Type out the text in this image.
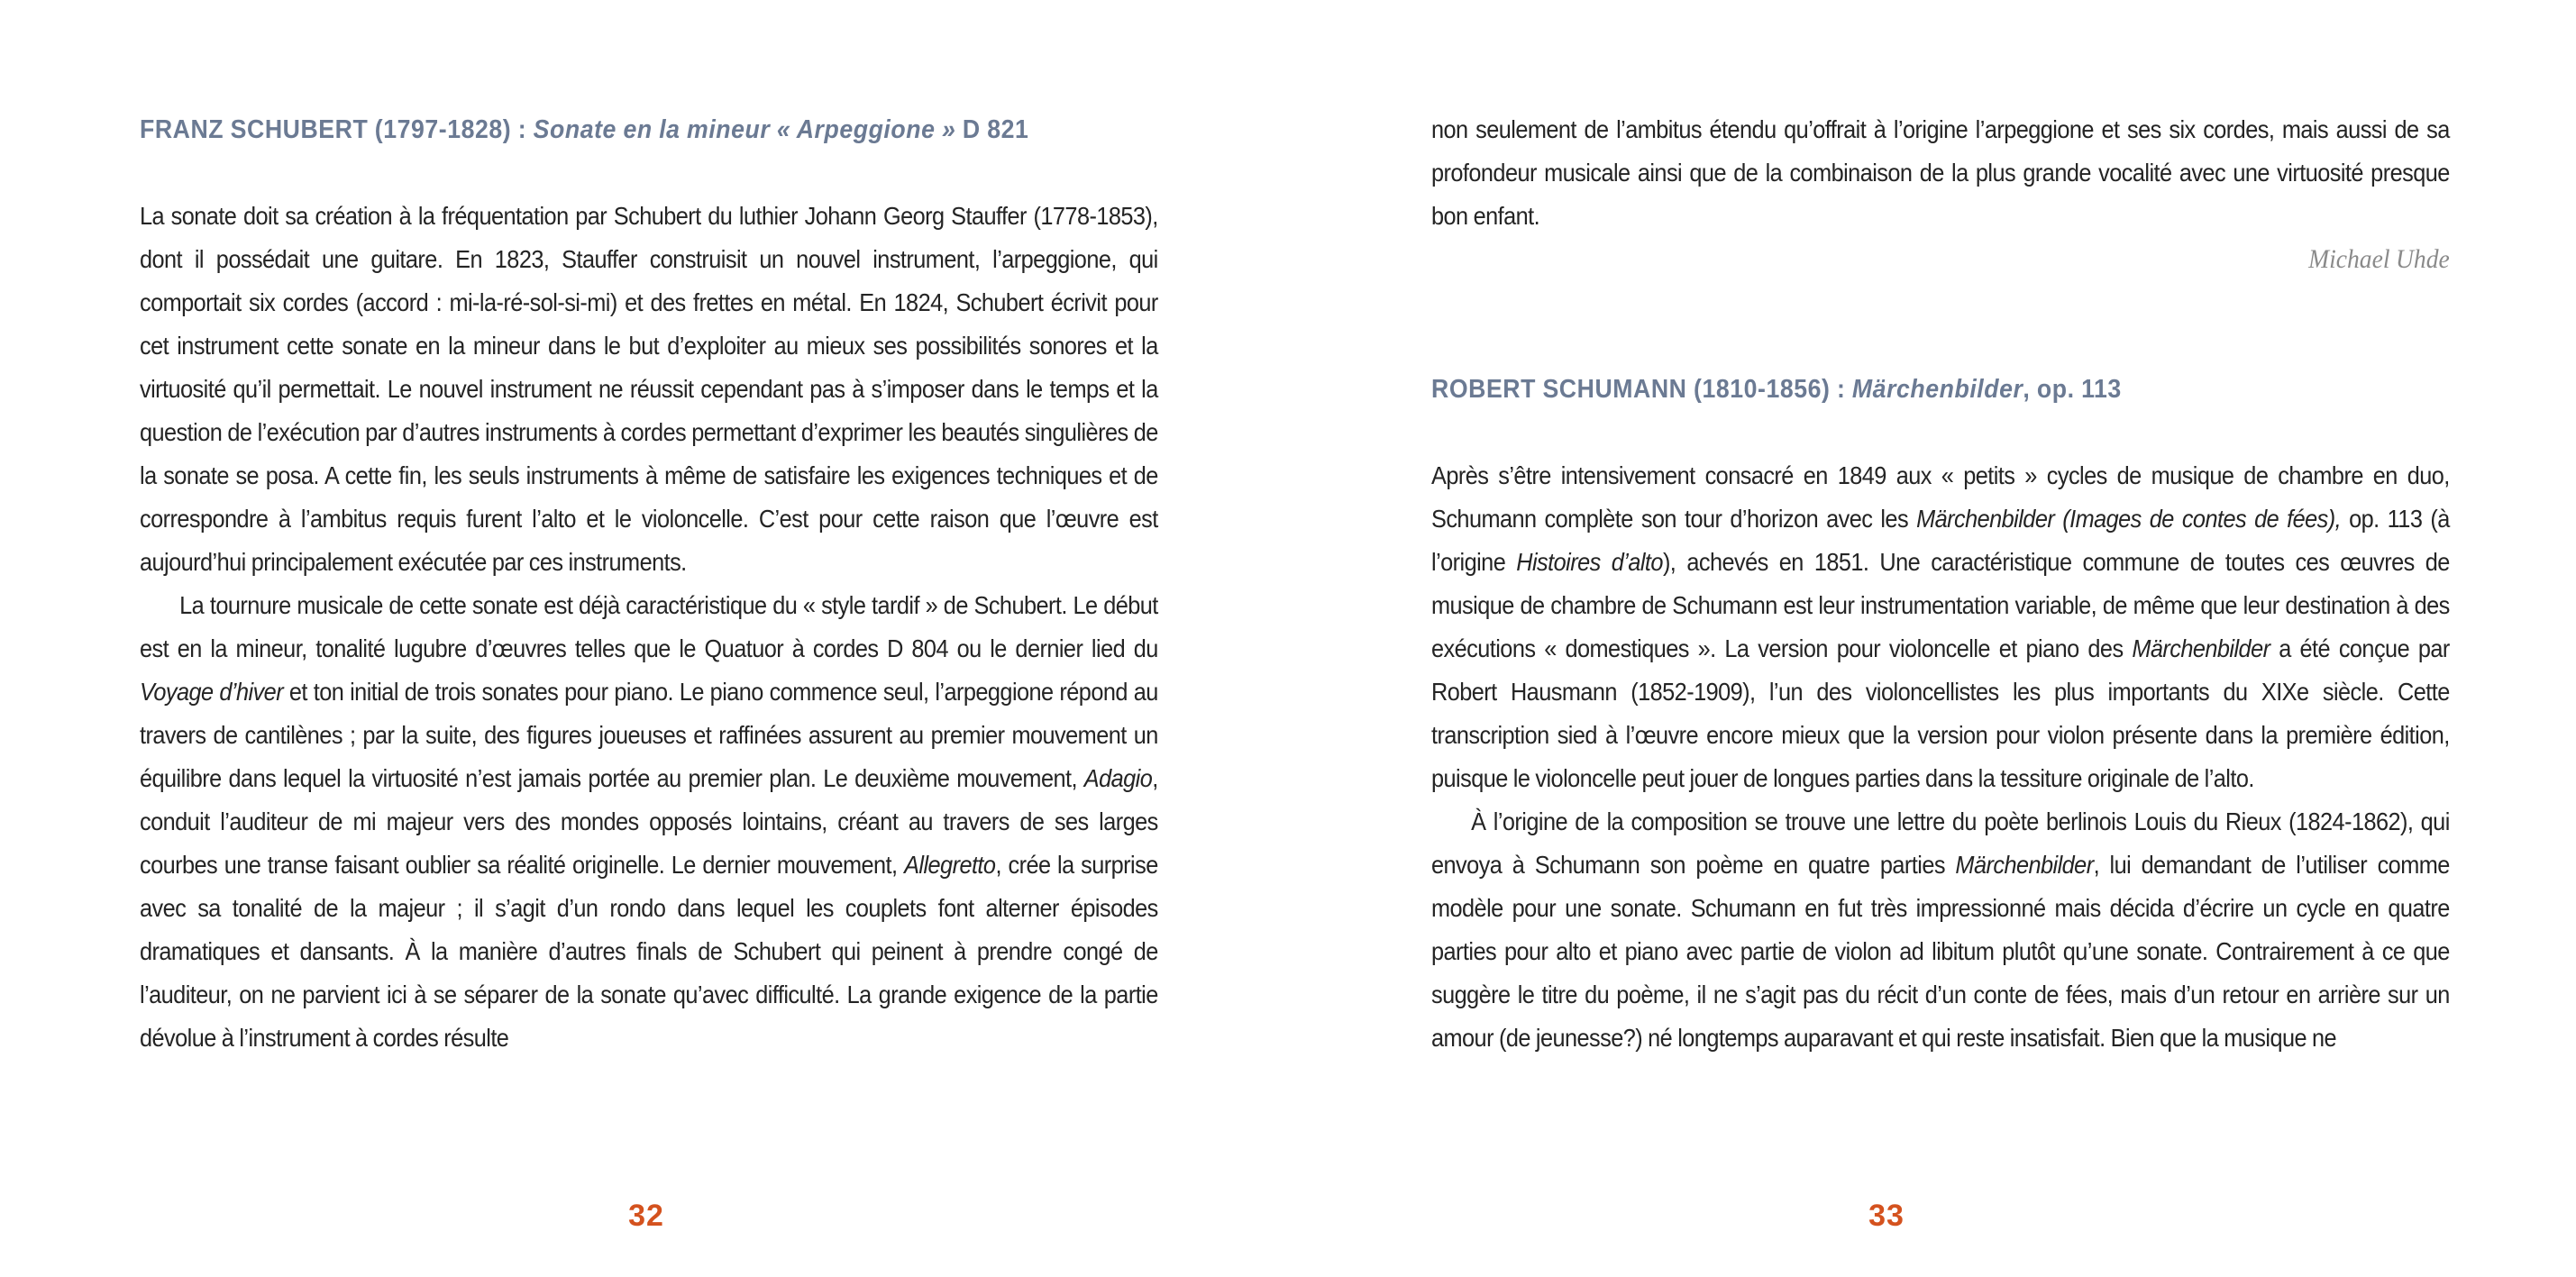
FRANZ SCHUBERT (1797-1828) : Sonate en la mineur « Arpeggione » D 821

La sonate doit sa création à la fréquentation par Schubert du luthier Johann Georg Stauffer (1778-1853), dont il possédait une guitare. En 1823, Stauffer construisit un nouvel instrument, l’arpeggione, qui comportait six cordes (accord : mi-la-ré-sol-si-mi) et des frettes en métal. En 1824, Schubert écrivit pour cet instrument cette sonate en la mineur dans le but d’exploiter au mieux ses possibilités sonores et la virtuosité qu’il permettait. Le nouvel instrument ne réussit cependant pas à s’imposer dans le temps et la question de l’exécution par d’autres instruments à cordes permettant d’exprimer les beautés singulières de la sonate se posa. A cette fin, les seuls instruments à même de satisfaire les exigences techniques et de correspondre à l’ambitus requis furent l’alto et le violoncelle. C’est pour cette raison que l’œuvre est aujourd’hui principalement exécutée par ces instruments.

La tournure musicale de cette sonate est déjà caractéristique du « style tardif » de Schubert. Le début est en la mineur, tonalité lugubre d’œuvres telles que le Quatuor à cordes D 804 ou le dernier lied du Voyage d’hiver et ton initial de trois sonates pour piano. Le piano commence seul, l’arpeggione répond au travers de cantilènes ; par la suite, des figures joueuses et raffinées assurent au premier mouvement un équilibre dans lequel la virtuosité n’est jamais portée au premier plan. Le deuxième mouvement, Adagio, conduit l’auditeur de mi majeur vers des mondes opposés lointains, créant au travers de ses larges courbes une transe faisant oublier sa réalité originelle. Le dernier mouvement, Allegretto, crée la surprise avec sa tonalité de la majeur ; il s’agit d’un rondo dans lequel les couplets font alterner épisodes dramatiques et dansants. À la manière d’autres finals de Schubert qui peinent à prendre congé de l’auditeur, on ne parvient ici à se séparer de la sonate qu’avec difficulté. La grande exigence de la partie dévolue à l’instrument à cordes résulte

32

non seulement de l’ambitus étendu qu’offrait à l’origine l’arpeggione et ses six cordes, mais aussi de sa profondeur musicale ainsi que de la combinaison de la plus grande vocalité avec une virtuosité presque bon enfant.

Michael Uhde
ROBERT SCHUMANN (1810-1856) : Märchenbilder, op. 113

Après s’être intensivement consacré en 1849 aux « petits » cycles de musique de chambre en duo, Schumann complète son tour d’horizon avec les Märchenbilder (Images de contes de fées), op. 113 (à l’origine Histoires d’alto), achevés en 1851. Une caractéristique commune de toutes ces œuvres de musique de chambre de Schumann est leur instrumentation variable, de même que leur destination à des exécutions « domestiques ». La version pour violoncelle et piano des Märchenbilder a été conçue par Robert Hausmann (1852-1909), l’un des violoncellistes les plus importants du XIXe siècle. Cette transcription sied à l’œuvre encore mieux que la version pour violon présente dans la première édition, puisque le violoncelle peut jouer de longues parties dans la tessiture originale de l’alto.

À l’origine de la composition se trouve une lettre du poète berlinois Louis du Rieux (1824-1862), qui envoya à Schumann son poème en quatre parties Märchenbilder, lui demandant de l’utiliser comme modèle pour une sonate. Schumann en fut très impressionné mais décida d’écrire un cycle en quatre parties pour alto et piano avec partie de violon ad libitum plutôt qu’une sonate. Contrairement à ce que suggère le titre du poème, il ne s’agit pas du récit d’un conte de fées, mais d’un retour en arrière sur un amour (de jeunesse?) né longtemps auparavant et qui reste insatisfait. Bien que la musique ne

33
